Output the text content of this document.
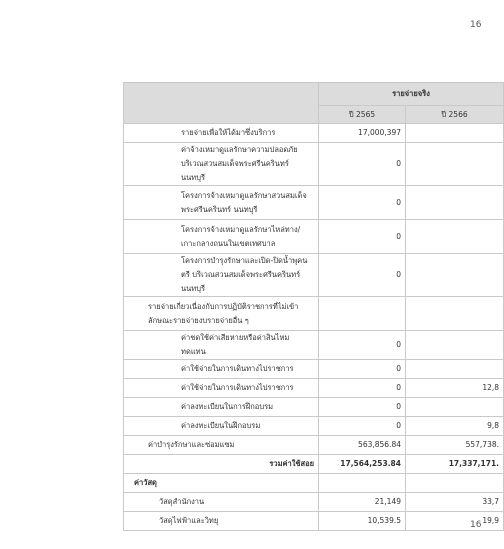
16
	รายจ่ายจริง	
	ปี 2565	ปี 2566
รายจ่ายเพื่อให้ได้มาซึ่งบริการ	17,000,397	
ค่าจ้างเหมาดูแลรักษาความปลอดภัย บริเวณสวนสมเด็จพระศรีนครินทร์ นนทบุรี	0	
โครงการจ้างเหมาดูแลรักษาสวนสมเด็จพระศรีนครินทร์ นนทบุรี	0	
โครงการจ้างเหมาดูแลรักษาไหล่ทาง/เกาะกลางถนนในเขตเทศบาล	0	
โครงการบำรุงรักษาและเปิด-ปิดน้ำพุคนตรี บริเวณสวนสมเด็จพระศรีนครินทร์ นนทบุรี	0	
รายจ่ายเกี่ยวเนื่องกับการปฏิบัติราชการที่ไม่เข้าลักษณะรายจ่ายงบรายจ่ายอื่น ๆ		
ค่าชดใช้ค่าเสียหายหรือค่าสินไหมทดแทน	0	
ค่าใช้จ่ายในการเดินทางไปราชการ	0	
ค่าใช้จ่ายในการเดินทางไปราชการ	0	12,8
ค่าลงทะเบียนในการฝึกอบรม	0	
ค่าลงทะเบียนในฝึกอบรม	0	9,8
ค่าบำรุงรักษาและซ่อมแซม	563,856.84	557,738.
รวมค่าใช้สอย	17,564,253.84	17,337,171.
ค่าวัสดุ		
วัสดุสำนักงาน	21,149	33,7
วัสดุไฟฟ้าและวิทยุ	10,539.5	19,9
16
